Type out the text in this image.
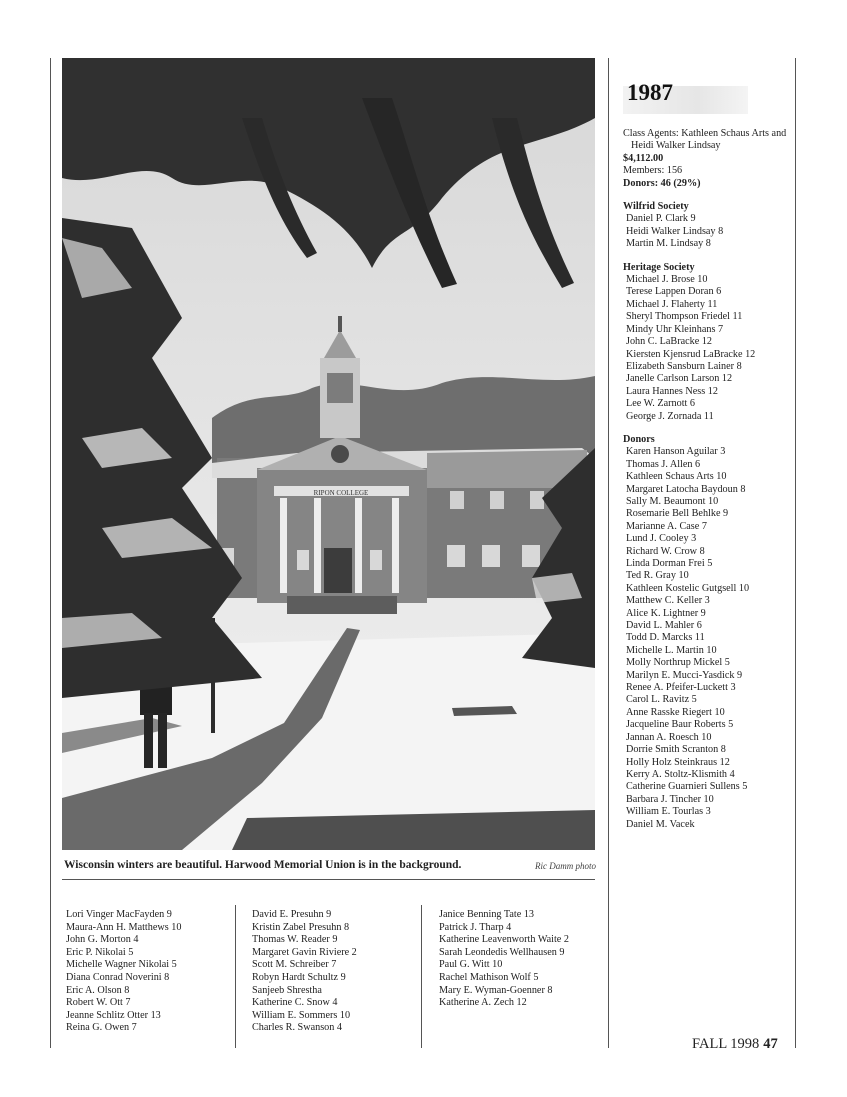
RIPON COLLEGE
Wisconsin winters are beautiful. Harwood Memorial Union is in the background.	Ric Damm photo
1987
Class Agents: Kathleen Schaus Arts and Heidi Walker Lindsay
$4,112.00
Members: 156
Donors: 46 (29%)
Wilfrid Society
Daniel P. Clark 9
Heidi Walker Lindsay 8
Martin M. Lindsay 8
Heritage Society
Michael J. Brose 10
Terese Lappen Doran 6
Michael J. Flaherty 11
Sheryl Thompson Friedel 11
Mindy Uhr Kleinhans 7
John C. LaBracke 12
Kiersten Kjensrud LaBracke 12
Elizabeth Sansburn Lainer 8
Janelle Carlson Larson 12
Laura Hannes Ness 12
Lee W. Zarnott 6
George J. Zornada 11
Donors
Karen Hanson Aguilar 3
Thomas J. Allen 6
Kathleen Schaus Arts 10
Margaret Latocha Baydoun 8
Sally M. Beaumont 10
Rosemarie Bell Behlke 9
Marianne A. Case 7
Lund J. Cooley 3
Richard W. Crow 8
Linda Dorman Frei 5
Ted R. Gray 10
Kathleen Kostelic Gutgsell 10
Matthew C. Keller 3
Alice K. Lightner 9
David L. Mahler 6
Todd D. Marcks 11
Michelle L. Martin 10
Molly Northrup Mickel 5
Marilyn E. Mucci-Yasdick 9
Renee A. Pfeifer-Luckett 3
Carol L. Ravitz 5
Anne Rasske Riegert 10
Jacqueline Baur Roberts 5
Jannan A. Roesch 10
Dorrie Smith Scranton 8
Holly Holz Steinkraus 12
Kerry A. Stoltz-Klismith 4
Catherine Guarnieri Sullens 5
Barbara J. Tincher 10
William E. Tourlas 3
Daniel M. Vacek
Lori Vinger MacFayden 9
Maura-Ann H. Matthews 10
John G. Morton 4
Eric P. Nikolai 5
Michelle Wagner Nikolai 5
Diana Conrad Noverini 8
Eric A. Olson 8
Robert W. Ott 7
Jeanne Schlitz Otter 13
Reina G. Owen 7
David E. Presuhn 9
Kristin Zabel Presuhn 8
Thomas W. Reader 9
Margaret Gavin Riviere 2
Scott M. Schreiber 7
Robyn Hardt Schultz 9
Sanjeeb Shrestha
Katherine C. Snow 4
William E. Sommers 10
Charles R. Swanson 4
Janice Benning Tate 13
Patrick J. Tharp 4
Katherine Leavenworth Waite 2
Sarah Leondedis Wellhausen 9
Paul G. Witt 10
Rachel Mathison Wolf 5
Mary E. Wyman-Goenner 8
Katherine A. Zech 12
FALL 1998 47
